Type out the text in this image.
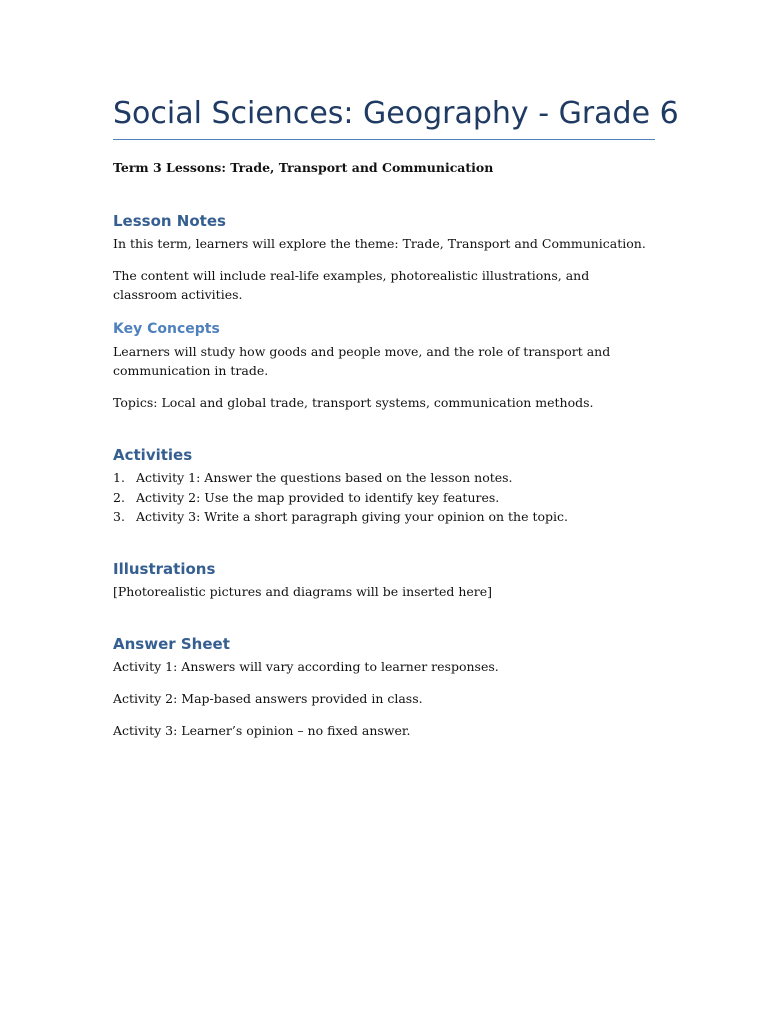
Social Sciences: Geography - Grade 6

Term 3 Lessons: Trade, Transport and Communication

Lesson Notes

In this term, learners will explore the theme: Trade, Transport and Communication.

The content will include real-life examples, photorealistic illustrations, and classroom activities.

Key Concepts

Learners will study how goods and people move, and the role of transport and communication in trade.

Topics: Local and global trade, transport systems, communication methods.

Activities
1. Activity 1: Answer the questions based on the lesson notes.
2. Activity 2: Use the map provided to identify key features.
3. Activity 3: Write a short paragraph giving your opinion on the topic.
Illustrations

[Photorealistic pictures and diagrams will be inserted here]

Answer Sheet

Activity 1: Answers will vary according to learner responses.

Activity 2: Map-based answers provided in class.

Activity 3: Learner’s opinion – no fixed answer.
